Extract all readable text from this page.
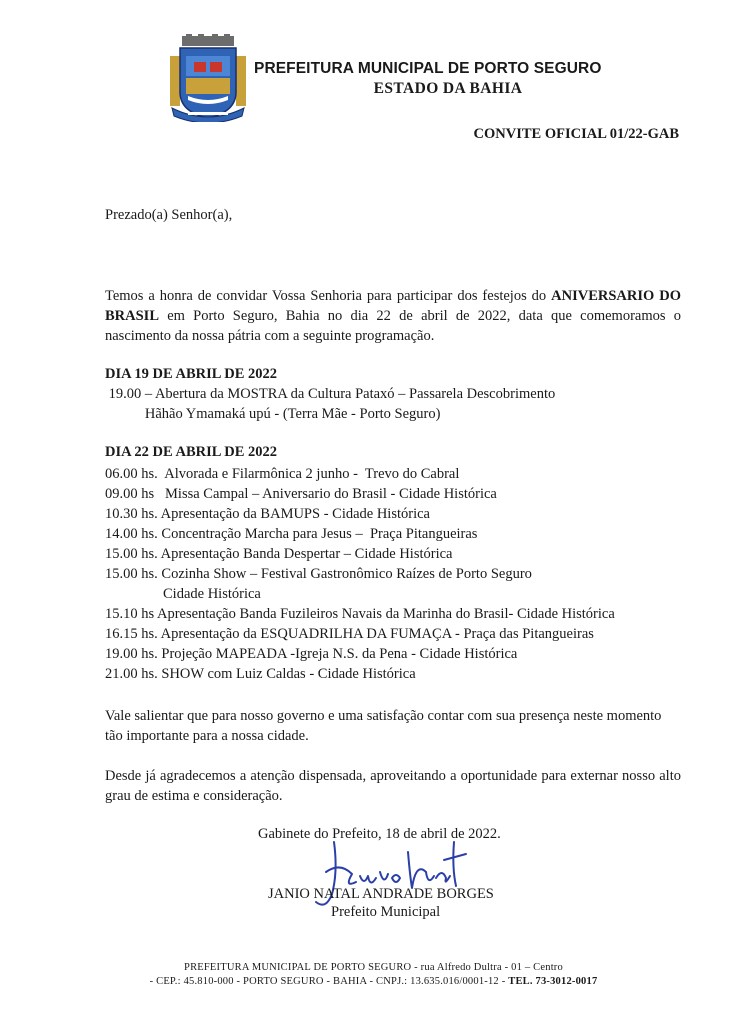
PREFEITURA MUNICIPAL DE PORTO SEGURO
ESTADO DA BAHIA
CONVITE OFICIAL 01/22-GAB
Prezado(a) Senhor(a),
Temos a honra de convidar Vossa Senhoria para participar dos festejos do ANIVERSARIO DO BRASIL em Porto Seguro, Bahia no dia 22 de abril de 2022, data que comemoramos o nascimento da nossa pátria com a seguinte programação.
DIA 19 DE ABRIL DE 2022
19.00 – Abertura da MOSTRA da Cultura Pataxó – Passarela Descobrimento
Hãhão Ymamaká upú - (Terra Mãe - Porto Seguro)
DIA 22 DE ABRIL DE 2022
06.00 hs.  Alvorada e Filarmônica 2 junho -  Trevo do Cabral
09.00 hs   Missa Campal – Aniversario do Brasil - Cidade Histórica
10.30 hs. Apresentação da BAMUPS - Cidade Histórica
14.00 hs. Concentração Marcha para Jesus –  Praça Pitangueiras
15.00 hs. Apresentação Banda Despertar – Cidade Histórica
15.00 hs. Cozinha Show – Festival Gastronômico Raízes de Porto Seguro
Cidade Histórica
15.10 hs Apresentação Banda Fuzileiros Navais da Marinha do Brasil- Cidade Histórica
16.15 hs. Apresentação da ESQUADRILHA DA FUMAÇA - Praça das Pitangueiras
19.00 hs. Projeção MAPEADA -Igreja N.S. da Pena - Cidade Histórica
21.00 hs. SHOW com Luiz Caldas - Cidade Histórica
Vale salientar que para nosso governo e uma satisfação contar com sua presença neste momento tão importante para a nossa cidade.
Desde já agradecemos a atenção dispensada, aproveitando a oportunidade para externar nosso alto grau de estima e consideração.
Gabinete do Prefeito, 18 de abril de 2022.
JANIO NATAL ANDRADE BORGES
Prefeito Municipal
PREFEITURA MUNICIPAL DE PORTO SEGURO - rua Alfredo Dultra - 01 – Centro
- CEP.: 45.810-000 - PORTO SEGURO - BAHIA - CNPJ.: 13.635.016/0001-12 - TEL. 73-3012-0017
